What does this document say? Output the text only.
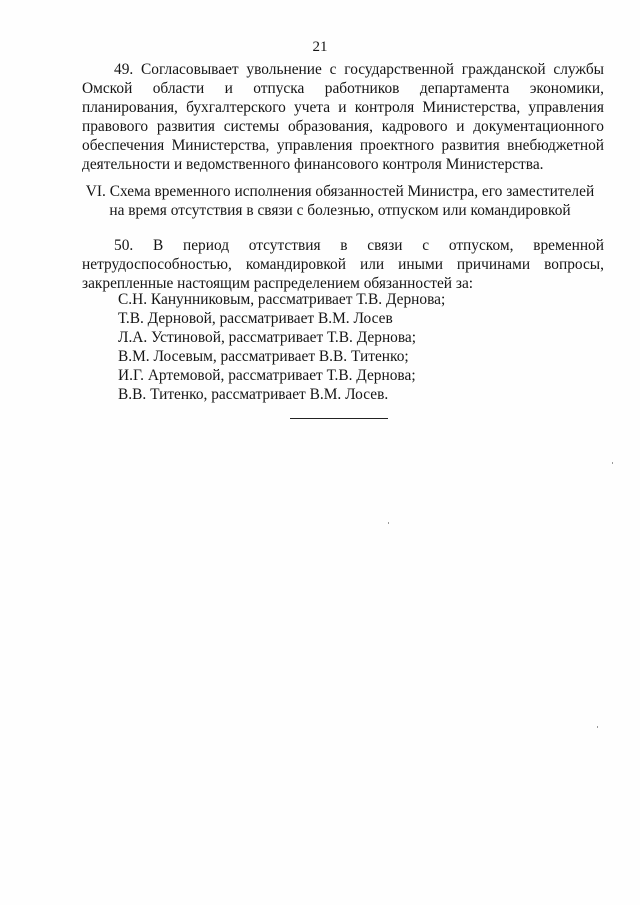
21
49. Согласовывает увольнение с государственной гражданской службы Омской области и отпуска работников департамента экономики, планирования, бухгалтерского учета и контроля Министерства, управления правового развития системы образования, кадрового и документационного обеспечения Министерства, управления проектного развития внебюджетной деятельности и ведомственного финансового контроля Министерства.
VI. Схема временного исполнения обязанностей Министра, его заместителей
на время отсутствия в связи с болезнью, отпуском или командировкой
50. В период отсутствия в связи с отпуском, временной
нетрудоспособностью, командировкой или иными причинами вопросы, закрепленные настоящим распределением обязанностей за:
С.Н. Канунниковым, рассматривает Т.В. Дернова;
Т.В. Дерновой, рассматривает В.М. Лосев
Л.А. Устиновой, рассматривает Т.В. Дернова;
В.М. Лосевым, рассматривает В.В. Титенко;
И.Г. Артемовой, рассматривает Т.В. Дернова;
В.В. Титенко, рассматривает В.М. Лосев.
